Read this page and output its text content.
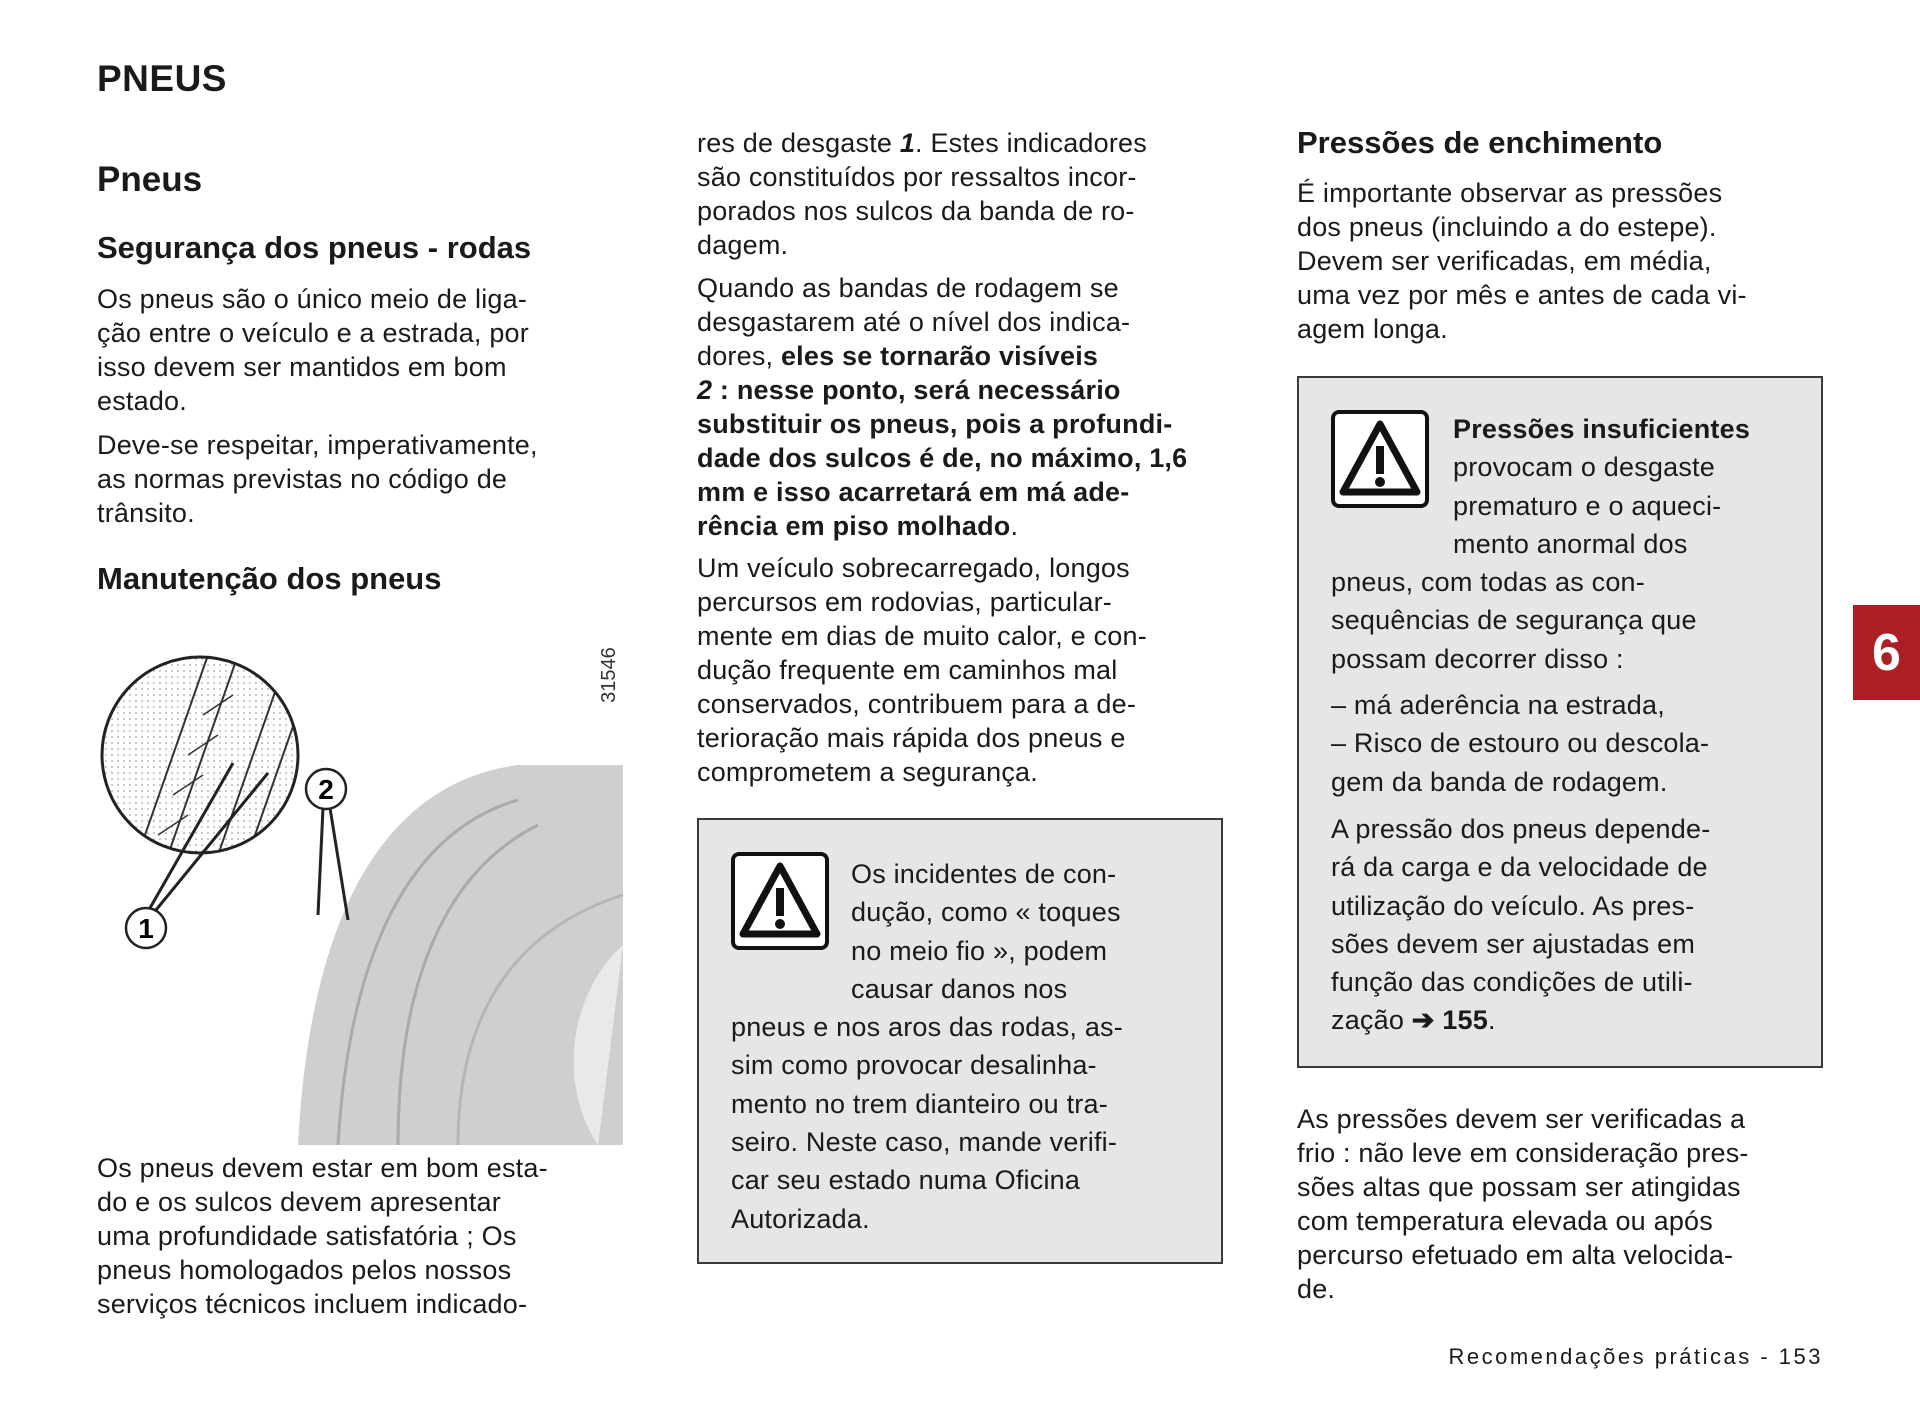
PNEUS
Pneus
Segurança dos pneus - rodas
Os pneus são o único meio de liga-
ção entre o veículo e a estrada, por
isso devem ser mantidos em bom
estado.
Deve-se respeitar, imperativamente,
as normas previstas no código de
trânsito.
Manutenção dos pneus
1
2
31546
Os pneus devem estar em bom esta-
do e os sulcos devem apresentar
uma profundidade satisfatória ; Os
pneus homologados pelos nossos
serviços técnicos incluem indicado-
res de desgaste 1. Estes indicadores
são constituídos por ressaltos incor-
porados nos sulcos da banda de ro-
dagem.
Quando as bandas de rodagem se
desgastarem até o nível dos indica-
dores, eles se tornarão visíveis
2 : nesse ponto, será necessário
substituir os pneus, pois a profundi-
dade dos sulcos é de, no máximo, 1,6
mm e isso acarretará em má ade-
rência em piso molhado.
Um veículo sobrecarregado, longos
percursos em rodovias, particular-
mente em dias de muito calor, e con-
dução frequente em caminhos mal
conservados, contribuem para a de-
terioração mais rápida dos pneus e
comprometem a segurança.
Os incidentes de con-
dução, como « toques
no meio fio », podem
causar danos nos
pneus e nos aros das rodas, as-
sim como provocar desalinha-
mento no trem dianteiro ou tra-
seiro. Neste caso, mande verifi-
car seu estado numa Oficina
Autorizada.
Pressões de enchimento
É importante observar as pressões
dos pneus (incluindo a do estepe).
Devem ser verificadas, em média,
uma vez por mês e antes de cada vi-
agem longa.
Pressões insuficientes
provocam o desgaste
prematuro e o aqueci-
mento anormal dos
pneus, com todas as con-
sequências de segurança que
possam decorrer disso :
– má aderência na estrada,
– Risco de estouro ou descola-
gem da banda de rodagem.
A pressão dos pneus depende-
rá da carga e da velocidade de
utilização do veículo. As pres-
sões devem ser ajustadas em
função das condições de utili-
zação ➔ 155.
As pressões devem ser verificadas a
frio : não leve em consideração pres-
sões altas que possam ser atingidas
com temperatura elevada ou após
percurso efetuado em alta velocida-
de.
6
Recomendações práticas - 153
